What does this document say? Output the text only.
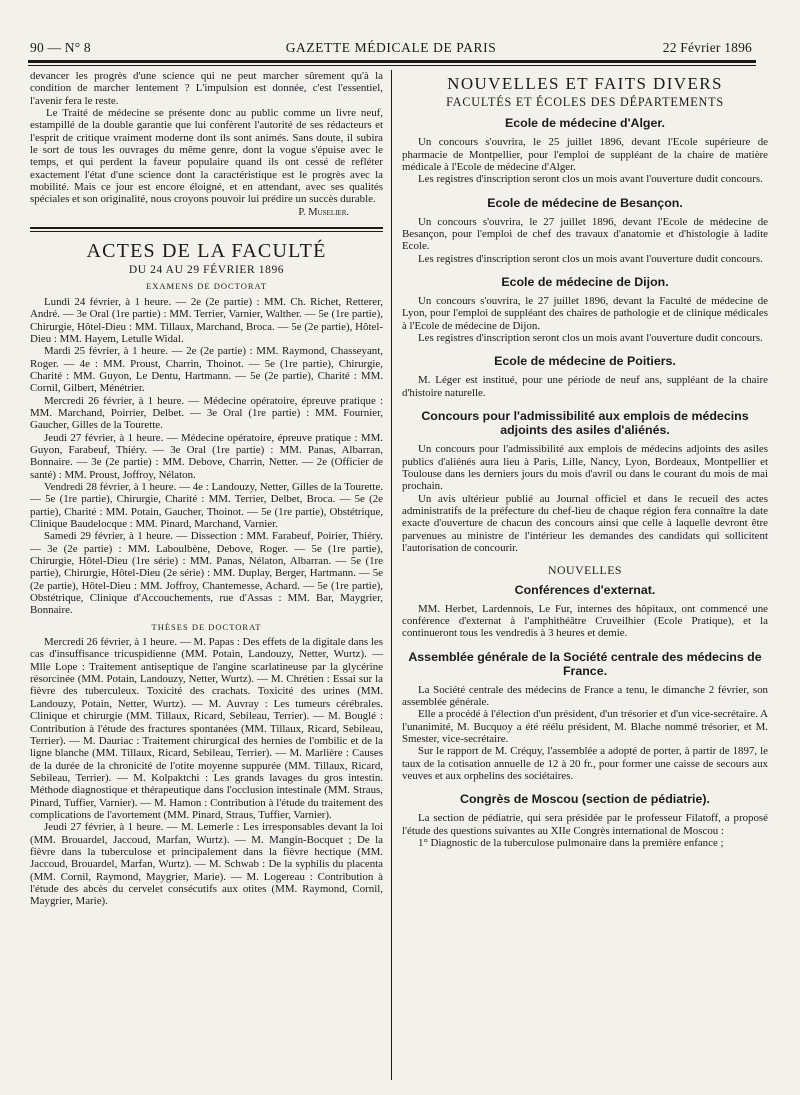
90 — N° 8	GAZETTE MÉDICALE DE PARIS	22 Février 1896

devancer les progrès d'une science qui ne peut marcher sûrement qu'à la condition de marcher lentement ? L'impulsion est donnée, c'est l'essentiel, l'avenir fera le reste.

Le Traité de médecine se présente donc au public comme un livre neuf, estampillé de la double garantie que lui confèrent l'autorité de ses rédacteurs et l'esprit de critique vraiment moderne dont ils sont animés. Sans doute, il subira le sort de tous les ouvrages du même genre, dont la vogue s'épuise avec le temps, et qui perdent la faveur populaire quand ils ont cessé de refléter exactement l'état d'une science dont la caractéristique est le progrès avec la mobilité. Mais ce jour est encore éloigné, et en attendant, avec ses qualités spéciales et son originalité, nous croyons pouvoir lui prédire un succès durable.

P. Muselier.

ACTES DE LA FACULTÉ
DU 24 AU 29 FÉVRIER 1896
EXAMENS DE DOCTORAT

Lundi 24 février, à 1 heure. — 2e (2e partie) : MM. Ch. Richet, Retterer, André. — 3e Oral (1re partie) : MM. Terrier, Varnier, Walther. — 5e (1re partie), Chirurgie, Hôtel-Dieu : MM. Tillaux, Marchand, Broca. — 5e (2e partie), Hôtel-Dieu : MM. Hayem, Letulle Widal.

Mardi 25 février, à 1 heure. — 2e (2e partie) : MM. Raymond, Chasseyant, Roger. — 4e : MM. Proust, Charrin, Thoinot. — 5e (1re partie), Chirurgie, Charité : MM. Guyon, Le Dentu, Hartmann. — 5e (2e partie), Charité : MM. Cornil, Gilbert, Ménétrier.

Mercredi 26 février, à 1 heure. — Médecine opératoire, épreuve pratique : MM. Marchand, Poirrier, Delbet. — 3e Oral (1re partie) : MM. Fournier, Gaucher, Gilles de la Tourette.

Jeudi 27 février, à 1 heure. — Médecine opératoire, épreuve pratique : MM. Guyon, Farabeuf, Thiéry. — 3e Oral (1re partie) : MM. Panas, Albarran, Bonnaire. — 3e (2e partie) : MM. Debove, Charrin, Netter. — 2e (Officier de santé) : MM. Proust, Joffroy, Nélaton.

Vendredi 28 février, à 1 heure. — 4e : Landouzy, Netter, Gilles de la Tourette. — 5e (1re partie), Chirurgie, Charité : MM. Terrier, Delbet, Broca. — 5e (2e partie), Charité : MM. Potain, Gaucher, Thoinot. — 5e (1re partie), Obstétrique, Clinique Baudelocque : MM. Pinard, Marchand, Varnier.

Samedi 29 février, à 1 heure. — Dissection : MM. Farabeuf, Poirier, Thiéry. — 3e (2e partie) : MM. Laboulbène, Debove, Roger. — 5e (1re partie), Chirurgie, Hôtel-Dieu (1re série) : MM. Panas, Nélaton, Albarran. — 5e (1re partie), Chirurgie, Hôtel-Dieu (2e série) : MM. Duplay, Berger, Hartmann. — 5e (2e partie), Hôtel-Dieu : MM. Joffroy, Chantemesse, Achard. — 5e (1re partie), Obstétrique, Clinique d'Accouchements, rue d'Assas : MM. Bar, Maygrier, Bonnaire.

THÈSES DE DOCTORAT

Mercredi 26 février, à 1 heure. — M. Papas : Des effets de la digitale dans les cas d'insuffisance tricuspidienne (MM. Potain, Landouzy, Netter, Wurtz). — Mlle Lope : Traitement antiseptique de l'angine scarlatineuse par la glycérine résorcinée (MM. Potain, Landouzy, Netter, Wurtz). — M. Chrétien : Essai sur la fièvre des tuberculeux. Toxicité des crachats. Toxicité des urines (MM. Landouzy, Potain, Netter, Wurtz). — M. Auvray : Les tumeurs cérébrales. Clinique et chirurgie (MM. Tillaux, Ricard, Sebileau, Terrier). — M. Bouglé : Contribution à l'étude des fractures spontanées (MM. Tillaux, Ricard, Sebileau, Terrier). — M. Dauriac : Traitement chirurgical des hernies de l'ombilic et de la ligne blanche (MM. Tillaux, Ricard, Sebileau, Terrier). — M. Marlière : Causes de la durée de la chronicité de l'otite moyenne suppurée (MM. Tillaux, Ricard, Sebileau, Terrier). — M. Kolpaktchi : Les grands lavages du gros intestin. Méthode diagnostique et thérapeutique dans l'occlusion intestinale (MM. Straus, Pinard, Tuffier, Varnier). — M. Hamon : Contribution à l'étude du traitement des complications de l'avortement (MM. Pinard, Straus, Tuffier, Varnier).

Jeudi 27 février, à 1 heure. — M. Lemerle : Les irresponsables devant la loi (MM. Brouardel, Jaccoud, Marfan, Wurtz). — M. Mangin-Bocquet ; De la fièvre dans la tuberculose et principalement dans la fièvre hectique (MM. Jaccoud, Brouardel, Marfan, Wurtz). — M. Schwab : De la syphilis du placenta (MM. Cornil, Raymond, Maygrier, Marie). — M. Logereau : Contribution à l'étude des abcès du cervelet consécutifs aux otites (MM. Raymond, Cornil, Maygrier, Marie).

NOUVELLES ET FAITS DIVERS
FACULTÉS ET ÉCOLES DES DÉPARTEMENTS
Ecole de médecine d'Alger.

Un concours s'ouvrira, le 25 juillet 1896, devant l'Ecole supérieure de pharmacie de Montpellier, pour l'emploi de suppléant de la chaire de matière médicale à l'Ecole de médecine d'Alger.

Les registres d'inscription seront clos un mois avant l'ouverture dudit concours.

Ecole de médecine de Besançon.

Un concours s'ouvrira, le 27 juillet 1896, devant l'Ecole de médecine de Besançon, pour l'emploi de chef des travaux d'anatomie et d'histologie à ladite Ecole.

Les registres d'inscription seront clos un mois avant l'ouverture dudit concours.

Ecole de médecine de Dijon.

Un concours s'ouvrira, le 27 juillet 1896, devant la Faculté de médecine de Lyon, pour l'emploi de suppléant des chaires de pathologie et de clinique médicales à l'Ecole de médecine de Dijon.

Les registres d'inscription seront clos un mois avant l'ouverture dudit concours.

Ecole de médecine de Poitiers.

M. Léger est institué, pour une période de neuf ans, suppléant de la chaire d'histoire naturelle.

Concours pour l'admissibilité aux emplois de médecins adjoints des asiles d'aliénés.

Un concours pour l'admissibilité aux emplois de médecins adjoints des asiles publics d'aliénés aura lieu à Paris, Lille, Nancy, Lyon, Bordeaux, Montpellier et Toulouse dans les derniers jours du mois d'avril ou dans le courant du mois de mai prochain.

Un avis ultérieur publié au Journal officiel et dans le recueil des actes administratifs de la préfecture du chef-lieu de chaque région fera connaître la date exacte d'ouverture de chacun des concours ainsi que celle à laquelle devront être parvenues au ministre de l'intérieur les demandes des candidats qui sollicitent l'autorisation de concourir.

NOUVELLES
Conférences d'externat.

MM. Herbet, Lardennois, Le Fur, internes des hôpitaux, ont commencé une conférence d'externat à l'amphithéâtre Cruveilhier (Ecole Pratique), et la continueront tous les vendredis à 3 heures et demie.

Assemblée générale de la Société centrale des médecins de France.

La Société centrale des médecins de France a tenu, le dimanche 2 février, son assemblée générale.

Elle a procédé à l'élection d'un président, d'un trésorier et d'un vice-secrétaire. A l'unanimité, M. Bucquoy a été réélu président, M. Blache nommé trésorier, et M. Smester, vice-secrétaire.

Sur le rapport de M. Créquy, l'assemblée a adopté de porter, à partir de 1897, le taux de la cotisation annuelle de 12 à 20 fr., pour former une caisse de secours aux veuves et aux orphelins des sociétaires.

Congrès de Moscou (section de pédiatrie).

La section de pédiatrie, qui sera présidée par le professeur Filatoff, a proposé l'étude des questions suivantes au XIIe Congrès international de Moscou :

1° Diagnostic de la tuberculose pulmonaire dans la première enfance ;
